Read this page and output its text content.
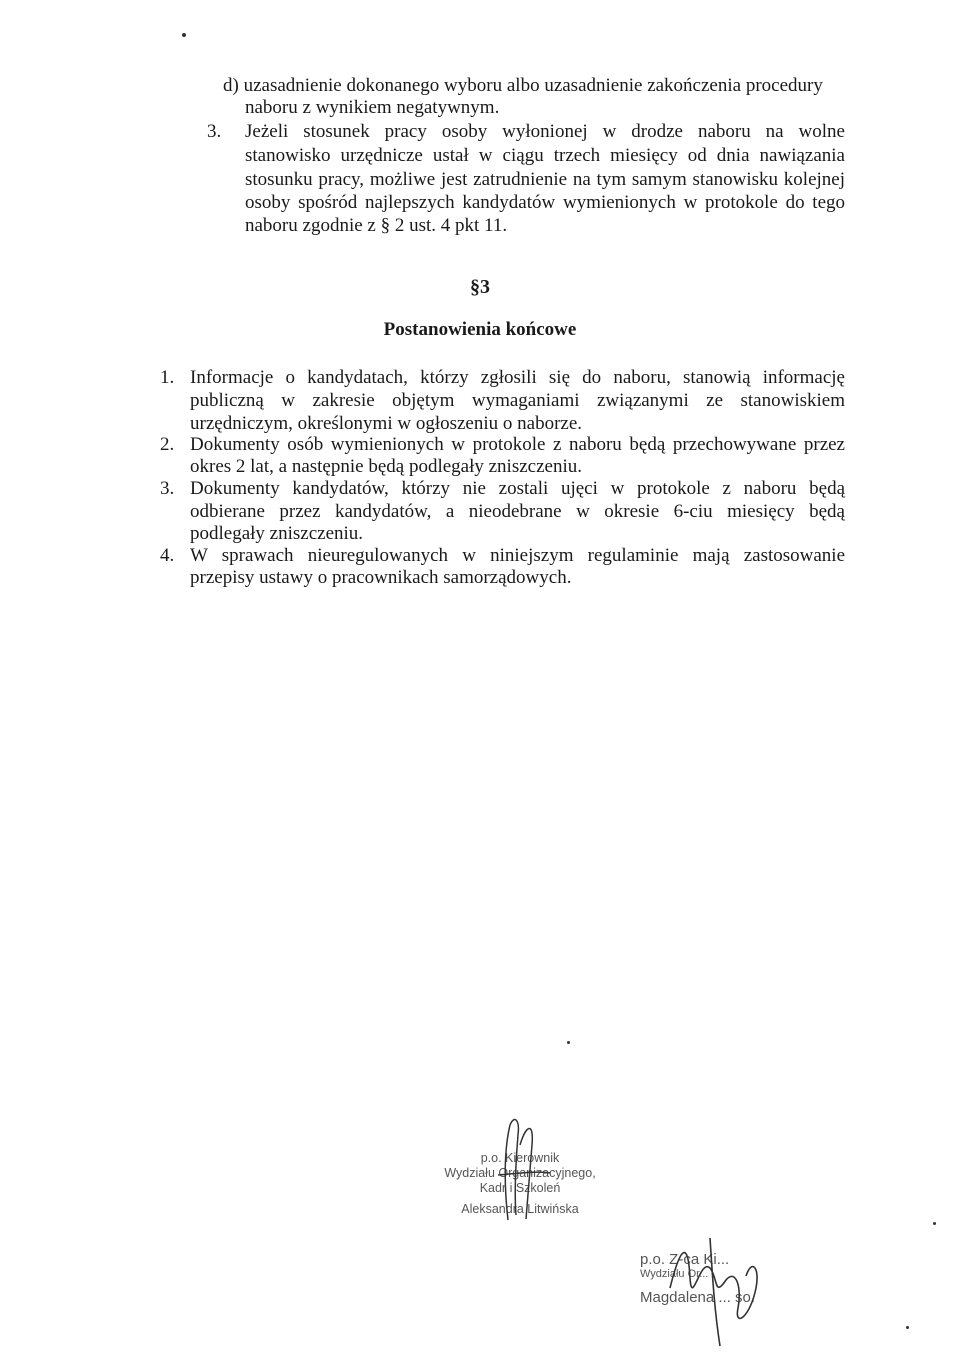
d) uzasadnienie dokonanego wyboru albo uzasadnienie zakończenia procedury
naboru z wynikiem negatywnym.
3. Jeżeli stosunek pracy osoby wyłonionej w drodze naboru na wolne
stanowisko urzędnicze ustał w ciągu trzech miesięcy od dnia nawiązania
stosunku pracy, możliwe jest zatrudnienie na tym samym stanowisku kolejnej
osoby spośród najlepszych kandydatów wymienionych w protokole do tego
naboru zgodnie z § 2 ust. 4 pkt 11.
§3
Postanowienia końcowe
1. Informacje o kandydatach, którzy zgłosili się do naboru, stanowią informację
publiczną w zakresie objętym wymaganiami związanymi ze stanowiskiem
urzędniczym, określonymi w ogłoszeniu o naborze.
2. Dokumenty osób wymienionych w protokole z naboru będą przechowywane przez
okres 2 lat, a następnie będą podlegały zniszczeniu.
3. Dokumenty kandydatów, którzy nie zostali ujęci w protokole z naboru będą
odbierane przez kandydatów, a nieodebrane w okresie 6-ciu miesięcy będą
podlegały zniszczeniu.
4. W sprawach nieuregulowanych w niniejszym regulaminie mają zastosowanie
przepisy ustawy o pracownikach samorządowych.
p.o. Kierownik
Wydziału Organizacyjnego,
Kadr i Szkoleń
Aleksandra Litwińska
p.o. Z-ca Ki...
Wydziału Or...
Magdalena ... so.
